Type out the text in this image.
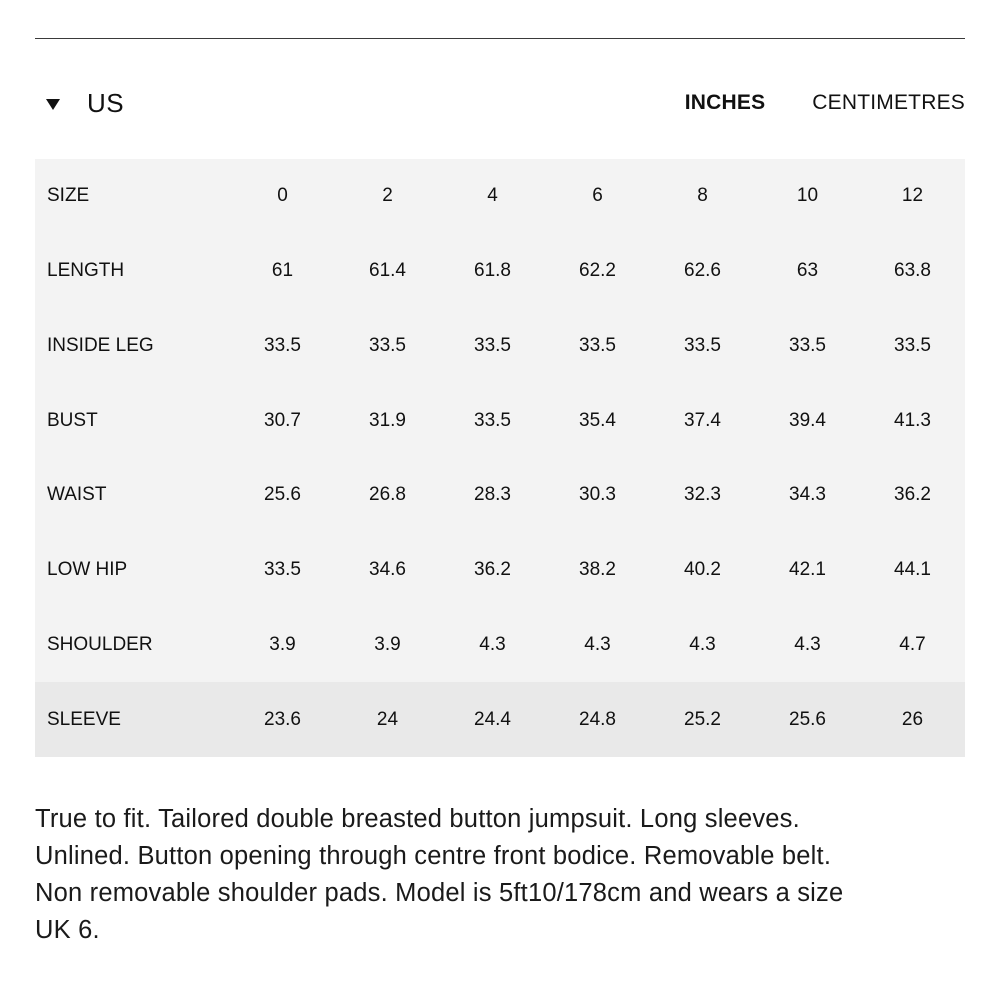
US	INCHES CENTIMETRES
SIZE	0	2	4	6	8	10	12
LENGTH	61	61.4	61.8	62.2	62.6	63	63.8
INSIDE LEG	33.5	33.5	33.5	33.5	33.5	33.5	33.5
BUST	30.7	31.9	33.5	35.4	37.4	39.4	41.3
WAIST	25.6	26.8	28.3	30.3	32.3	34.3	36.2
LOW HIP	33.5	34.6	36.2	38.2	40.2	42.1	44.1
SHOULDER	3.9	3.9	4.3	4.3	4.3	4.3	4.7
SLEEVE	23.6	24	24.4	24.8	25.2	25.6	26
True to fit. Tailored double breasted button jumpsuit. Long sleeves. Unlined. Button opening through centre front bodice. Removable belt. Non removable shoulder pads. Model is 5ft10/178cm and wears a size UK 6.
